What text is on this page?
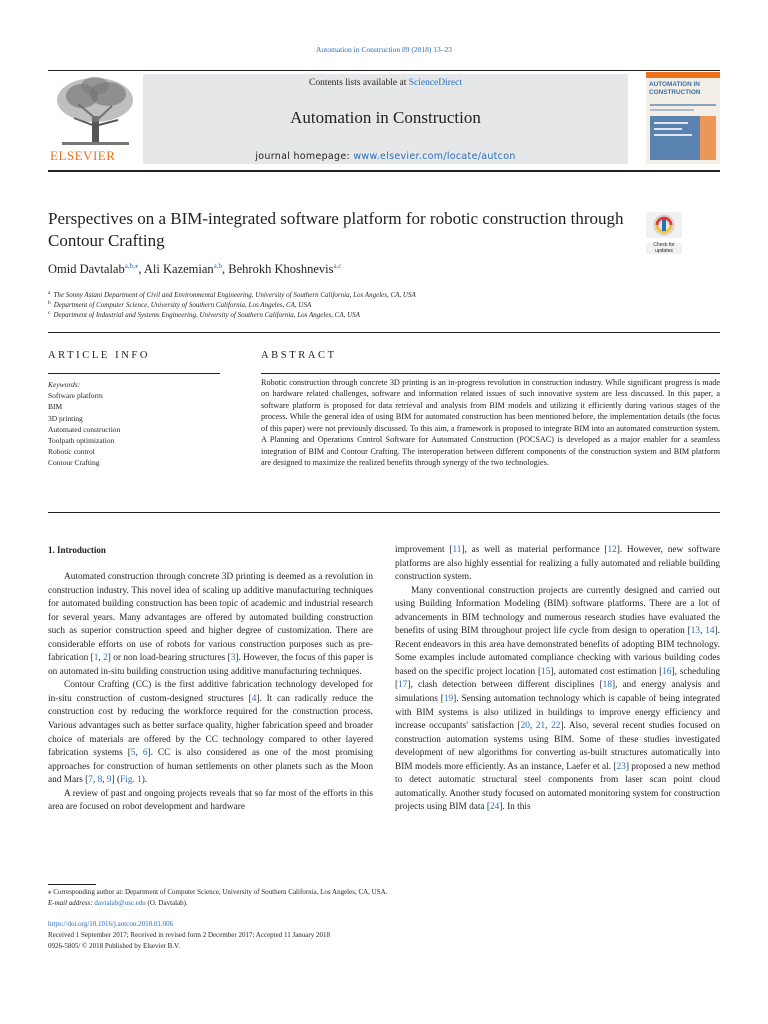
Automation in Construction 89 (2018) 13–23
ELSEVIER
Contents lists available at ScienceDirect
Automation in Construction
journal homepage: www.elsevier.com/locate/autcon
AUTOMATION IN
CONSTRUCTION
Perspectives on a BIM-integrated software platform for robotic construction through Contour Crafting	Check for
updates
Omid Davtalab$^{a,b,⁎}$, Ali Kazemian$^{a,b}$, Behrokh Khoshnevis$^{a,c}$
$^a$ The Sonny Astani Department of Civil and Environmental Engineering, University of Southern California, Los Angeles, CA, USA
$^b$ Department of Computer Science, University of Southern California, Los Angeles, CA, USA
$^c$ Department of Industrial and Systems Engineering, University of Southern California, Los Angeles, CA, USA
ARTICLE INFO
Keywords:
Software platform
BIM
3D printing
Automated construction
Toolpath optimization
Robotic control
Contour Crafting
ABSTRACT
Robotic construction through concrete 3D printing is an in-progress revolution in construction industry. While significant progress is made on hardware related challenges, software and information related issues of such innovative system are less discussed. In this paper, a software platform is proposed for data retrieval and analysis from BIM models and utilizing it efficiently during various stages of the process. While the general idea of using BIM for automated construction has been mentioned before, the implementation details (the focus of this paper) were not previously discussed. To this aim, a framework is proposed to integrate BIM into an automated construction system. A Planning and Operations Control Software for Automated Construction (POCSAC) is developed as a major enabler for a seamless integration of BIM and Contour Crafting. The interoperation between different components of the construction system and BIM platform are designed to maximize the realized benefits through synergy of the two technologies.
1. Introduction

Automated construction through concrete 3D printing is deemed as a revolution in construction industry. This novel idea of scaling up additive manufacturing techniques for automated building construction has been topic of academic and industrial research for several years. Many advantages are offered by automated building construction such as superior construction speed and higher degree of customization. There are considerable efforts on use of robots for various construction purposes such as pre-fabrication [1, 2] or non load-bearing structures [3]. However, the focus of this paper is on automated in-situ building construction using additive manufacturing techniques.

Contour Crafting (CC) is the first additive fabrication technology developed for in-situ construction of custom-designed structures [4]. It can radically reduce the construction cost by reducing the workforce required for the construction process. Various advantages such as better surface quality, higher fabrication speed and broader choice of materials are offered by the CC technology compared to other layered fabrication systems [5, 6]. CC is also considered as one of the most promising approaches for construction of human settlements on other planets such as the Moon and Mars [7, 8, 9] (Fig. 1).

A review of past and ongoing projects reveals that so far most of the efforts in this area are focused on robot development and hardware

improvement [11], as well as material performance [12]. However, new software platforms are also highly essential for realizing a fully automated and reliable building construction system.

Many conventional construction projects are currently designed and carried out using Building Information Modeling (BIM) software platforms. There are a lot of advancements in BIM technology and numerous research studies have evaluated the benefits of using BIM throughout project life cycle from design to operation [13, 14]. Recent endeavors in this area have demonstrated benefits of adopting BIM technology. Some examples include automated compliance checking with various building codes based on the specific project location [15], automated cost estimation [16], scheduling [17], clash detection between different disciplines [18], and energy analysis and simulations [19]. Sensing automation technology which is capable of being integrated with BIM systems is also utilized in buildings to improve energy efficiency and increase occupants' satisfaction [20, 21, 22]. Also, several recent studies focused on construction automation systems using BIM. Some of these studies investigated development of new algorithms for converting as-built structures automatically into BIM models more efficiently. As an instance, Laefer et al. [23] proposed a new method to detect automatic structural steel components from laser scan point cloud automatically. Another study focused on automated monitoring system for construction projects using BIM data [24]. In this

⁎ Corresponding author at: Department of Computer Science, University of Southern California, Los Angeles, CA, USA.
E-mail address: davtalab@usc.edu (O. Davtalab).
https://doi.org/10.1016/j.autcon.2018.01.006
Received 1 September 2017; Received in revised form 2 December 2017; Accepted 11 January 2018
0926-5805/ © 2018 Published by Elsevier B.V.
